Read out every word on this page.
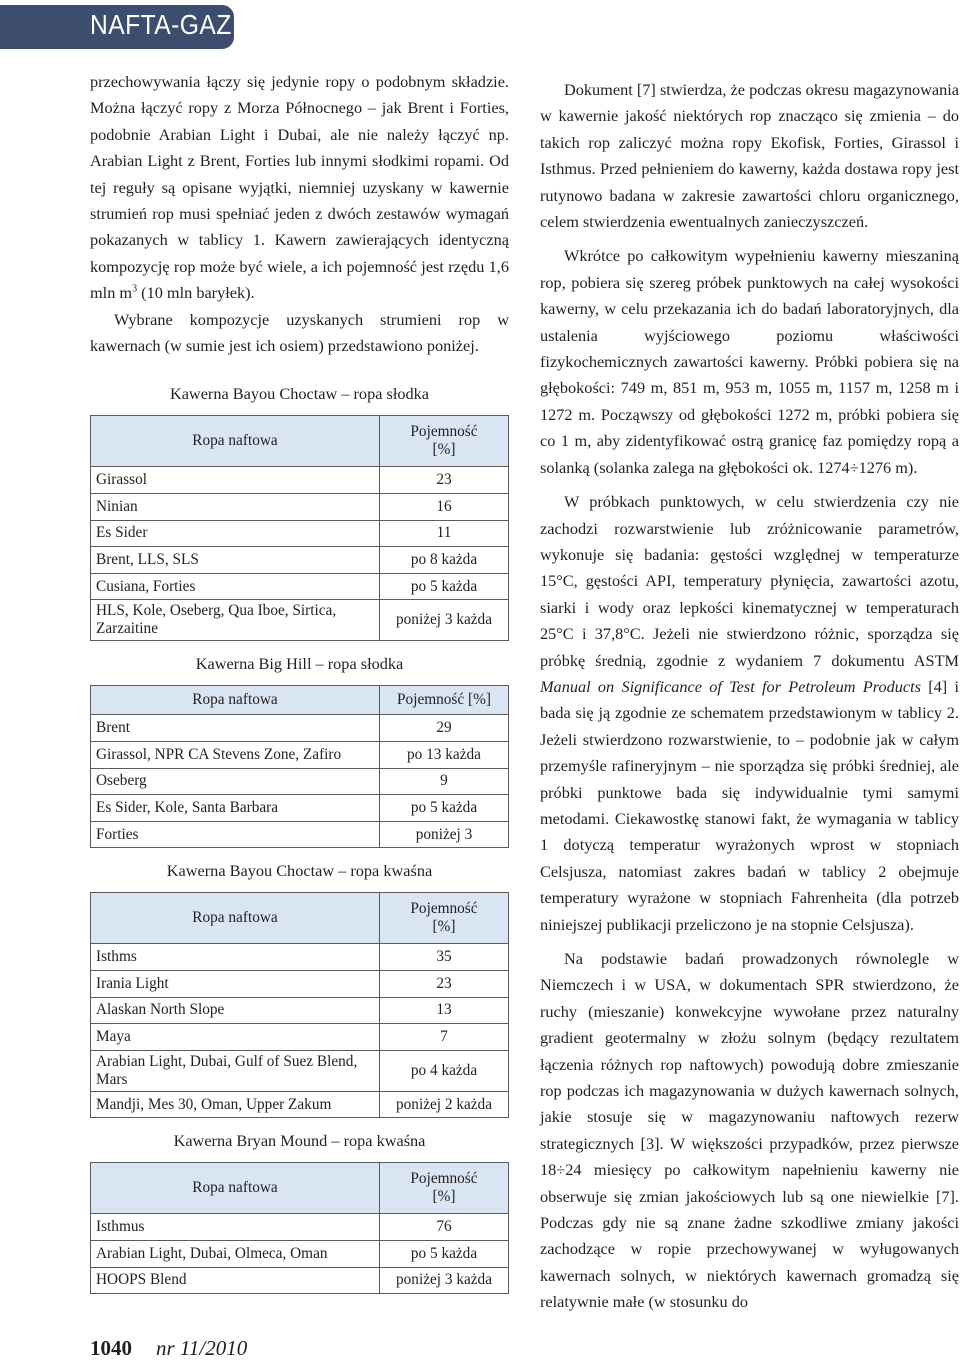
NAFTA-GAZ

przechowywania łączy się jedynie ropy o podobnym składzie. Można łączyć ropy z Morza Północnego – jak Brent i Forties, podobnie Arabian Light i Dubai, ale nie należy łączyć np. Arabian Light z Brent, Forties lub innymi słodkimi ropami. Od tej reguły są opisane wyjątki, niemniej uzyskany w kawernie strumień rop musi spełniać jeden z dwóch zestawów wymagań pokazanych w tablicy 1. Kawern zawierających identyczną kompozycję rop może być wiele, a ich pojemność jest rzędu 1,6 mln $m^3$ (10 mln baryłek).

Wybrane kompozycje uzyskanych strumieni rop w kawernach (w sumie jest ich osiem) przedstawiono poniżej.

Kawerna Bayou Choctaw – ropa słodka
Ropa naftowa	Pojemność
[%]
Girassol	23
Ninian	16
Es Sider	11
Brent, LLS, SLS	po 8 każda
Cusiana, Forties	po 5 każda
HLS, Kole, Oseberg, Qua Iboe, Sirtica, Zarzaitine	poniżej 3 każda
Kawerna Big Hill – ropa słodka
Ropa naftowa	Pojemność [%]
Brent	29
Girassol, NPR CA Stevens Zone, Zafiro	po 13 każda
Oseberg	9
Es Sider, Kole, Santa Barbara	po 5 każda
Forties	poniżej 3
Kawerna Bayou Choctaw – ropa kwaśna
Ropa naftowa	Pojemność
[%]
Isthms	35
Irania Light	23
Alaskan North Slope	13
Maya	7
Arabian Light, Dubai, Gulf of Suez Blend, Mars	po 4 każda
Mandji, Mes 30, Oman, Upper Zakum	poniżej 2 każda
Kawerna Bryan Mound – ropa kwaśna
Ropa naftowa	Pojemność
[%]
Isthmus	76
Arabian Light, Dubai, Olmeca, Oman	po 5 każda
HOOPS Blend	poniżej 3 każda

Dokument [7] stwierdza, że podczas okresu magazynowania w kawernie jakość niektórych rop znacząco się zmienia – do takich rop zaliczyć można ropy Ekofisk, Forties, Girassol i Isthmus. Przed pełnieniem do kawerny, każda dostawa ropy jest rutynowo badana w zakresie zawartości chloru organicznego, celem stwierdzenia ewentualnych zanieczyszczeń.

Wkrótce po całkowitym wypełnieniu kawerny mieszaniną rop, pobiera się szereg próbek punktowych na całej wysokości kawerny, w celu przekazania ich do badań laboratoryjnych, dla ustalenia wyjściowego poziomu właściwości fizykochemicznych zawartości kawerny. Próbki pobiera się na głębokości: 749 m, 851 m, 953 m, 1055 m, 1157 m, 1258 m i 1272 m. Począwszy od głębokości 1272 m, próbki pobiera się co 1 m, aby zidentyfikować ostrą granicę faz pomiędzy ropą a solanką (solanka zalega na głębokości ok. 1274÷1276 m).

W próbkach punktowych, w celu stwierdzenia czy nie zachodzi rozwarstwienie lub zróżnicowanie parametrów, wykonuje się badania: gęstości względnej w temperaturze 15°C, gęstości API, temperatury płynięcia, zawartości azotu, siarki i wody oraz lepkości kinematycznej w temperaturach 25°C i 37,8°C. Jeżeli nie stwierdzono różnic, sporządza się próbkę średnią, zgodnie z wydaniem 7 dokumentu ASTM Manual on Significance of Test for Petroleum Products [4] i bada się ją zgodnie ze schematem przedstawionym w tablicy 2. Jeżeli stwierdzono rozwarstwienie, to – podobnie jak w całym przemyśle rafineryjnym – nie sporządza się próbki średniej, ale próbki punktowe bada się indywidualnie tymi samymi metodami. Ciekawostkę stanowi fakt, że wymagania w tablicy 1 dotyczą temperatur wyrażonych wprost w stopniach Celsjusza, natomiast zakres badań w tablicy 2 obejmuje temperatury wyrażone w stopniach Fahrenheita (dla potrzeb niniejszej publikacji przeliczono je na stopnie Celsjusza).

Na podstawie badań prowadzonych równolegle w Niemczech i w USA, w dokumentach SPR stwierdzono, że ruchy (mieszanie) konwekcyjne wywołane przez naturalny gradient geotermalny w złożu solnym (będący rezultatem łączenia różnych rop naftowych) powodują dobre zmieszanie rop podczas ich magazynowania w dużych kawernach solnych, jakie stosuje się w magazynowaniu naftowych rezerw strategicznych [3]. W większości przypadków, przez pierwsze 18÷24 miesięcy po całkowitym napełnieniu kawerny nie obserwuje się zmian jakościowych lub są one niewielkie [7]. Podczas gdy nie są znane żadne szkodliwe zmiany jakości zachodzące w ropie przechowywanej w wyługowanych kawernach solnych, w niektórych kawernach gromadzą się relatywnie małe (w stosunku do

1040 nr 11/2010
